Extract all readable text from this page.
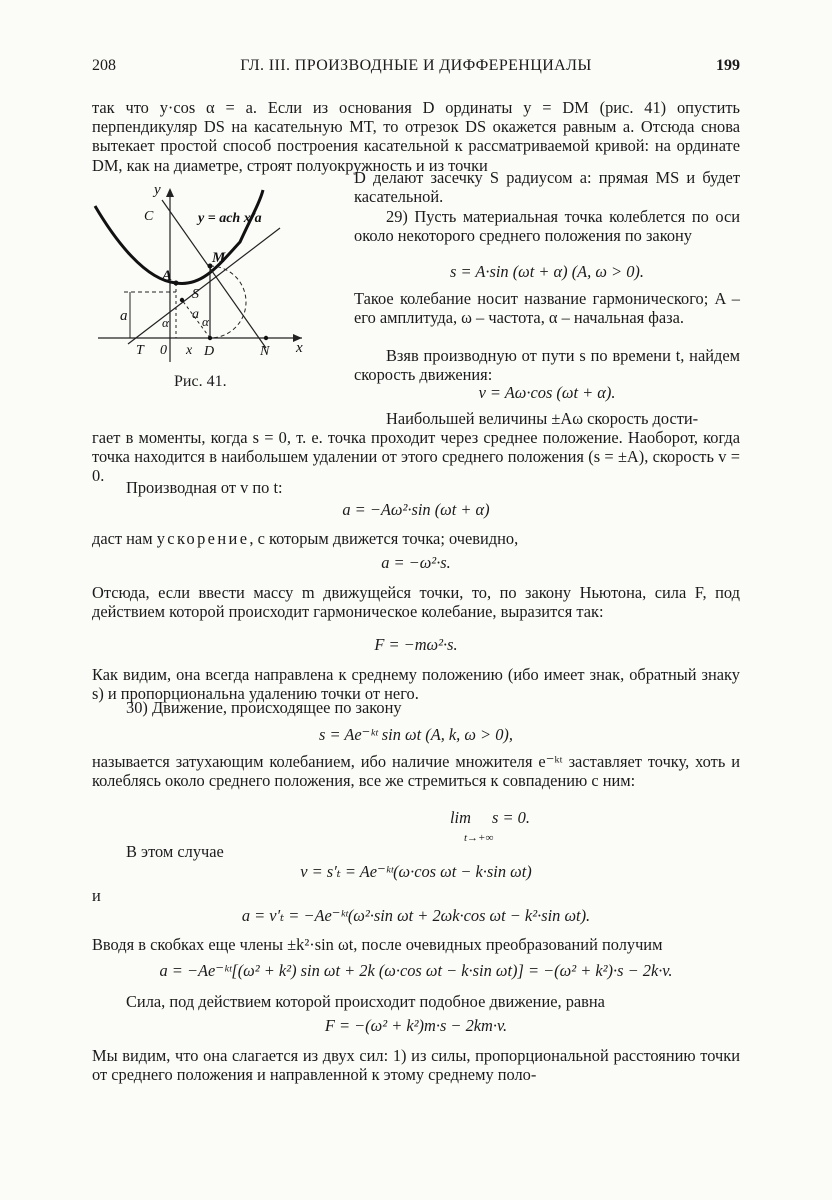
208	ГЛ. III. ПРОИЗВОДНЫЕ И ДИФФЕРЕНЦИАЛЫ	199

так что y·cos α = a. Если из основания D ординаты y = DM (рис. 41) опустить перпендикуляр DS на касательную MT, то отрезок DS окажется равным a. Отсюда снова вытекает простой способ построения касательной к рассматриваемой кривой: на ординате DM, как на диаметре, строят полуокружность и из точки

y
x
C	y = ach x/a
M
A
S
a	a
α	α
T 0 x D	N
Рис. 41.

D делают засечку S радиусом a: прямая MS и будет касательной.

29) Пусть материальная точка колеблется по оси около некоторого среднего положения по закону

s = A·sin (ωt + α) (A, ω > 0).

Такое колебание носит название гармонического; A – его амплитуда, ω – частота, α – начальная фаза.

Взяв производную от пути s по времени t, найдем скорость движения:

v = Aω·cos (ωt + α).

Наибольшей величины ±Aω скорость дости-

гает в моменты, когда s = 0, т. е. точка проходит через среднее положение. Наоборот, когда точка находится в наибольшем удалении от этого среднего положения (s = ±A), скорость v = 0.

Производная от v по t:

a = −Aω²·sin (ωt + α)

даст нам ускорение, с которым движется точка; очевидно,

a = −ω²·s.

Отсюда, если ввести массу m движущейся точки, то, по закону Ньютона, сила F, под действием которой происходит гармоническое колебание, выразится так:

F = −mω²·s.

Как видим, она всегда направлена к среднему положению (ибо имеет знак, обратный знаку s) и пропорциональна удалению точки от него.

30) Движение, происходящее по закону

s = Ae⁻ᵏᵗ sin ωt (A, k, ω > 0),

называется затухающим колебанием, ибо наличие множителя e⁻ᵏᵗ заставляет точку, хоть и колеблясь около среднего положения, все же стремиться к совпадению с ним:

lim
t→+∞
s = 0.

В этом случае

v = s′ₜ = Ae⁻ᵏᵗ(ω·cos ωt − k·sin ωt)

и

a = v′ₜ = −Ae⁻ᵏᵗ(ω²·sin ωt + 2ωk·cos ωt − k²·sin ωt).

Вводя в скобках еще члены ±k²·sin ωt, после очевидных преобразований получим

a = −Ae⁻ᵏᵗ[(ω² + k²) sin ωt + 2k (ω·cos ωt − k·sin ωt)] = −(ω² + k²)·s − 2k·v.

Сила, под действием которой происходит подобное движение, равна

F = −(ω² + k²)m·s − 2km·v.

Мы видим, что она слагается из двух сил: 1) из силы, пропорциональной расстоянию точки от среднего положения и направленной к этому среднему поло-
